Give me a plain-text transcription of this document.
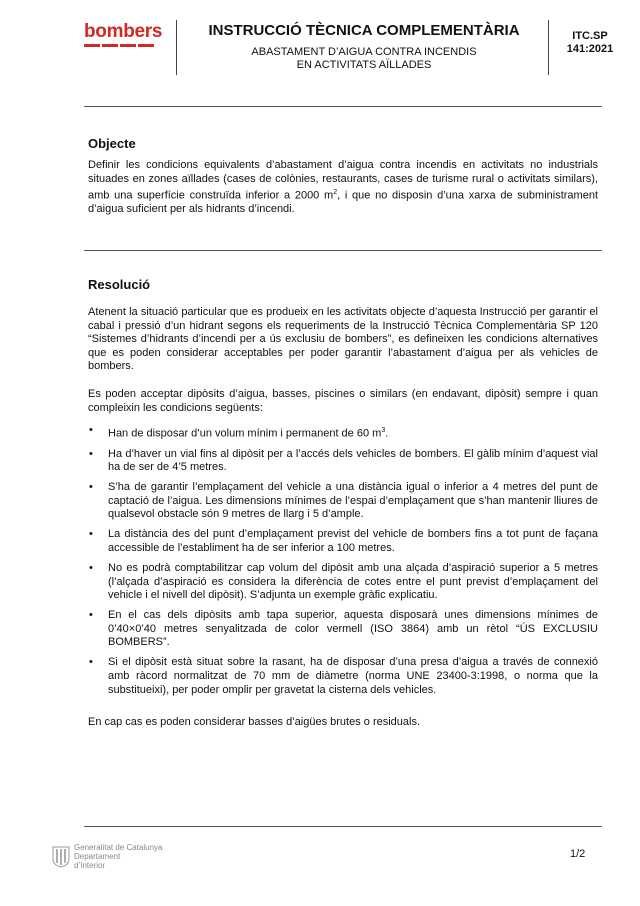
bombers	INSTRUCCIÓ TÈCNICA COMPLEMENTÀRIA
ABASTAMENT D’AIGUA CONTRA INCENDIS
EN ACTIVITATS AÏLLADES
ITC.SP
141:2021
Objecte

Definir les condicions equivalents d’abastament d’aigua contra incendis en activitats no industrials situades en zones aïllades (cases de colònies, restaurants, cases de turisme rural o activitats similars), amb una superfície construïda inferior a 2000 $m^2$, i que no disposin d’una xarxa de subministrament d’aigua suficient per als hidrants d’incendi.

Resolució

Atenent la situació particular que es produeix en les activitats objecte d’aquesta Instrucció per garantir el cabal i pressió d’un hidrant segons els requeriments de la Instrucció Tècnica Complementària SP 120 “Sistemes d’hidrants d’incendi per a ús exclusiu de bombers”, es defineixen les condicions alternatives que es poden considerar acceptables per poder garantir l’abastament d’aigua per als vehicles de bombers.

Es poden acceptar dipòsits d’aigua, basses, piscines o similars (en endavant, dipòsit) sempre i quan compleixin les condicions següents:

• Han de disposar d’un volum mínim i permanent de 60 $m^3$.
• Ha d’haver un vial fins al dipòsit per a l’accés dels vehicles de bombers. El gàlib mínim d’aquest vial ha de ser de 4’5 metres.
• S’ha de garantir l’emplaçament del vehicle a una distància igual o inferior a 4 metres del punt de captació de l’aigua. Les dimensions mínimes de l’espai d’emplaçament que s’han mantenir lliures de qualsevol obstacle són 9 metres de llarg i 5 d’ample.
• La distància des del punt d’emplaçament previst del vehicle de bombers fins a tot punt de façana accessible de l’establiment ha de ser inferior a 100 metres.
• No es podrà comptabilitzar cap volum del dipòsit amb una alçada d’aspiració superior a 5 metres (l’alçada d’aspiració es considera la diferència de cotes entre el punt previst d’emplaçament del vehicle i el nivell del dipòsit). S’adjunta un exemple gràfic explicatiu.
• En el cas dels dipòsits amb tapa superior, aquesta disposarà unes dimensions mínimes de 0’40×0’40 metres senyalitzada de color vermell (ISO 3864) amb un rètol “ÚS EXCLUSIU BOMBERS”.
• Si el dipòsit està situat sobre la rasant, ha de disposar d’una presa d’aigua a través de connexió amb ràcord normalitzat de 70 mm de diàmetre (norma UNE 23400-3:1998, o norma que la substitueixi), per poder omplir per gravetat la cisterna dels vehicles.

En cap cas es poden considerar basses d’aigües brutes o residuals.

Generalitat de Catalunya
Departament
d’Interior
1/2
